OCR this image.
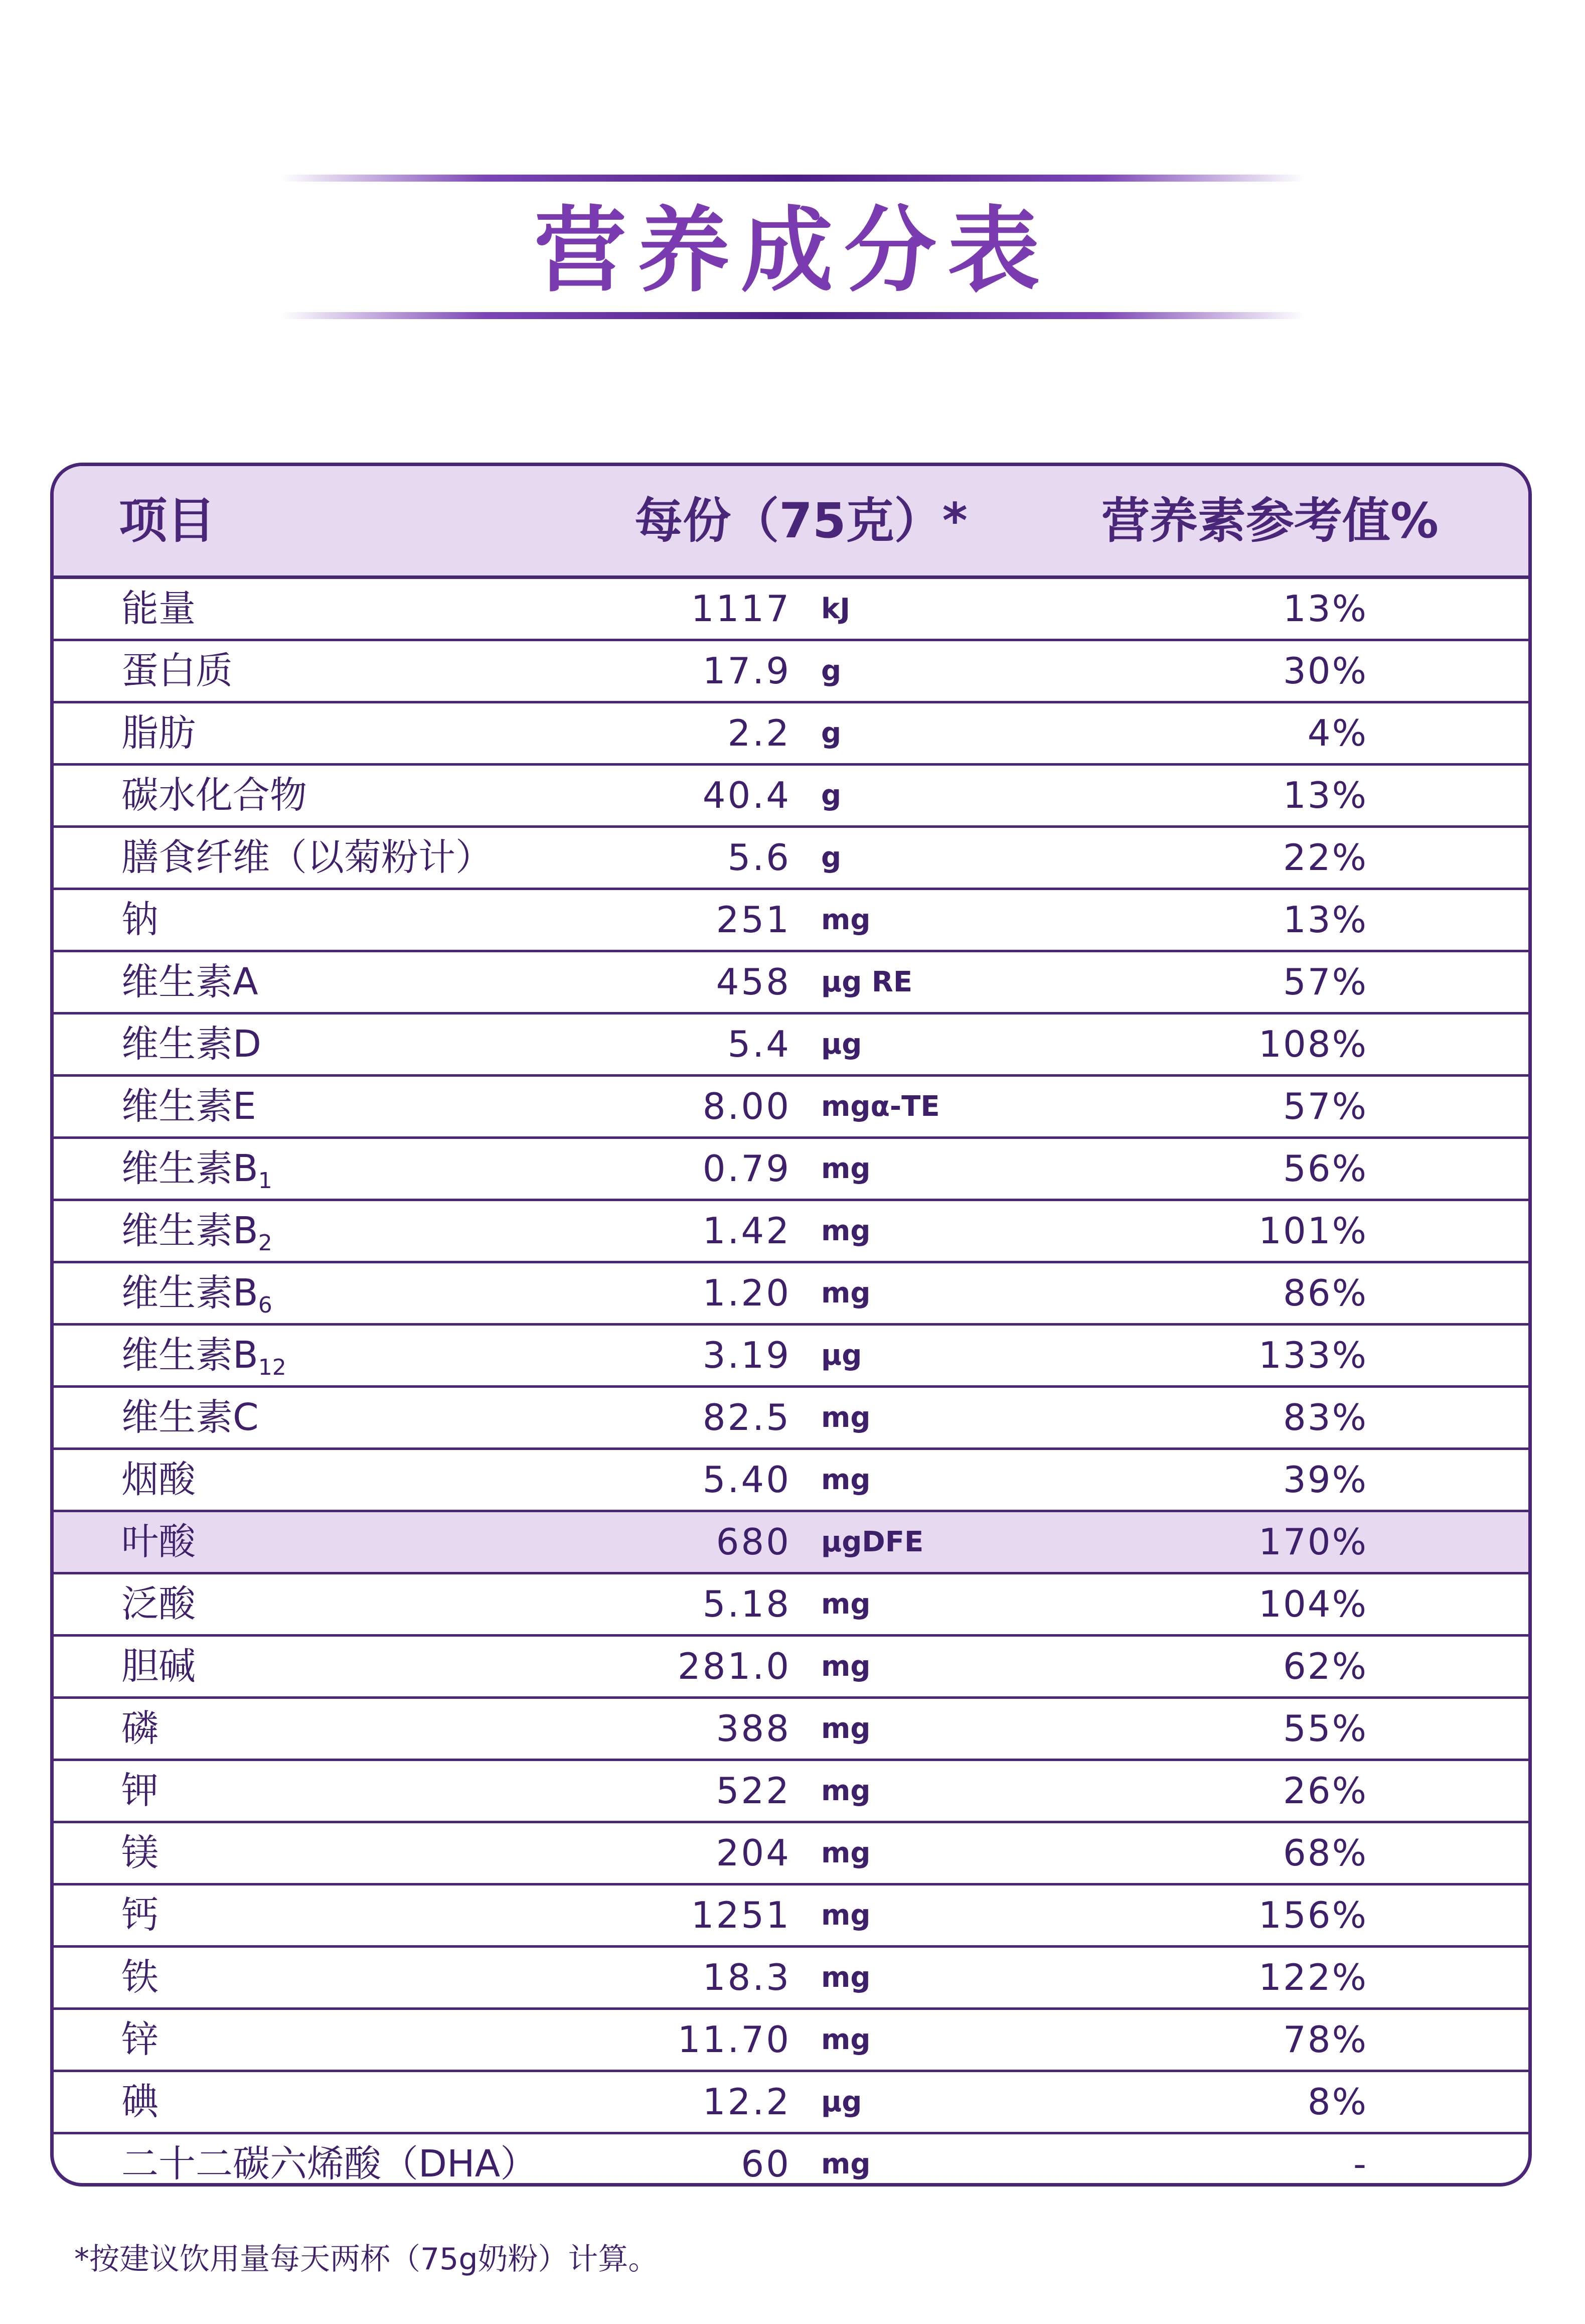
营养成分表
项目	每份（75克）*	营养素参考值%
能量	1117 kJ	13%
蛋白质	17.9 g	30%
脂肪	2.2 g	4%
碳水化合物	40.4 g	13%
膳食纤维（以菊粉计）	5.6 g	22%
钠	251 mg	13%
维生素A	458 μg RE	57%
维生素D	5.4 μg	108%
维生素E	8.00 mgα-TE	57%
维生素$B_1$	0.79 mg	56%
维生素$B_2$	1.42 mg	101%
维生素$B_6$	1.20 mg	86%
维生素$B_{12}$	3.19 μg	133%
维生素C	82.5 mg	83%
烟酸	5.40 mg	39%
叶酸	680 μgDFE	170%
泛酸	5.18 mg	104%
胆碱	281.0 mg	62%
磷	388 mg	55%
钾	522 mg	26%
镁	204 mg	68%
钙	1251 mg	156%
铁	18.3 mg	122%
锌	11.70 mg	78%
碘	12.2 μg	8%
二十二碳六烯酸（DHA）	60 mg	-
*按建议饮用量每天两杯（75g奶粉）计算。
